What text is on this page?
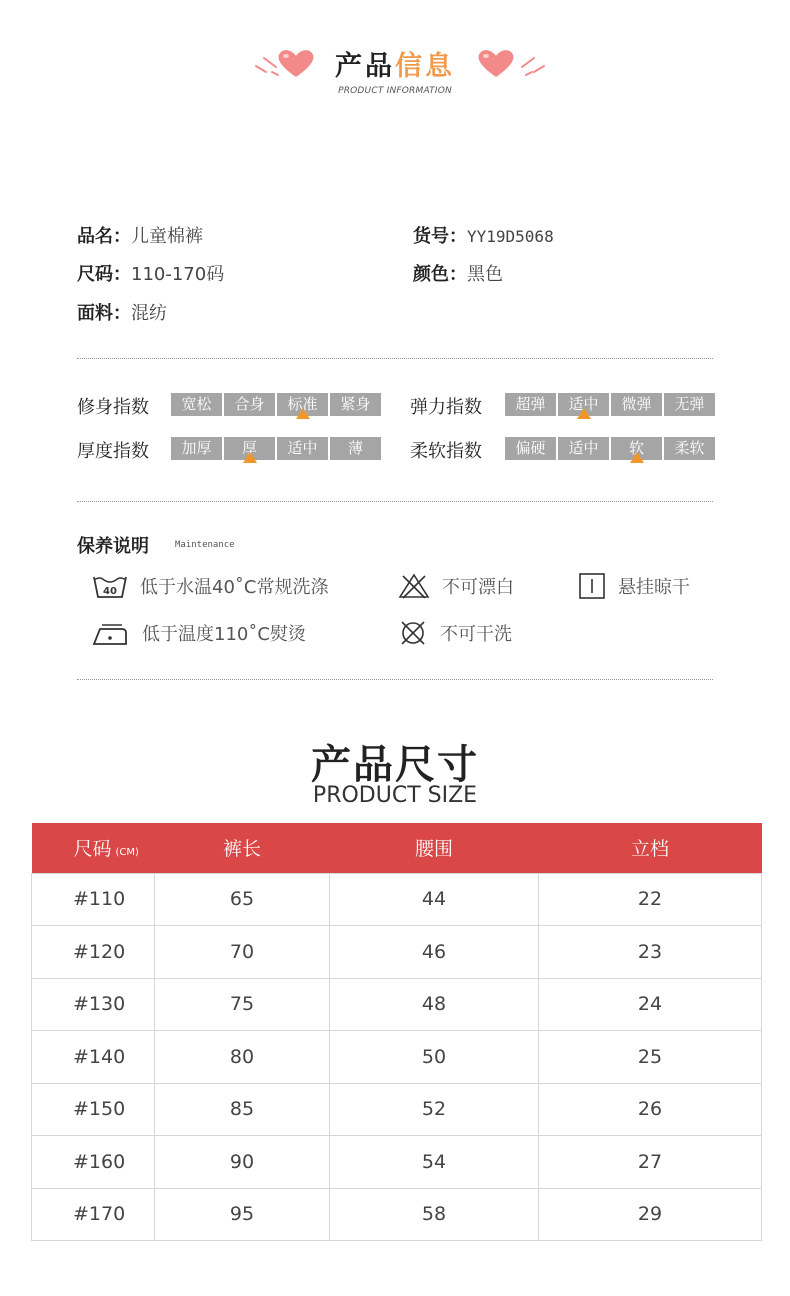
产品信息
PRODUCT INFORMATION
品名：儿童棉裤	货号：YY19D5068
尺码：110-170码	颜色：黑色
面料：混纺
修身指数	宽松	合身	标准	紧身	弹力指数	超弹	适中	微弹	无弹
厚度指数	加厚	厚	适中	薄	柔软指数	偏硬	适中	软	柔软
保养说明	Maintenance
40 低于水温40˚C常规洗涤	不可漂白	悬挂晾干
低于温度110˚C熨烫	不可干洗
产品尺寸
PRODUCT SIZE
尺码 (CM)	裤长	腰围	立档
#110	65	44	22
#120	70	46	23
#130	75	48	24
#140	80	50	25
#150	85	52	26
#160	90	54	27
#170	95	58	29
